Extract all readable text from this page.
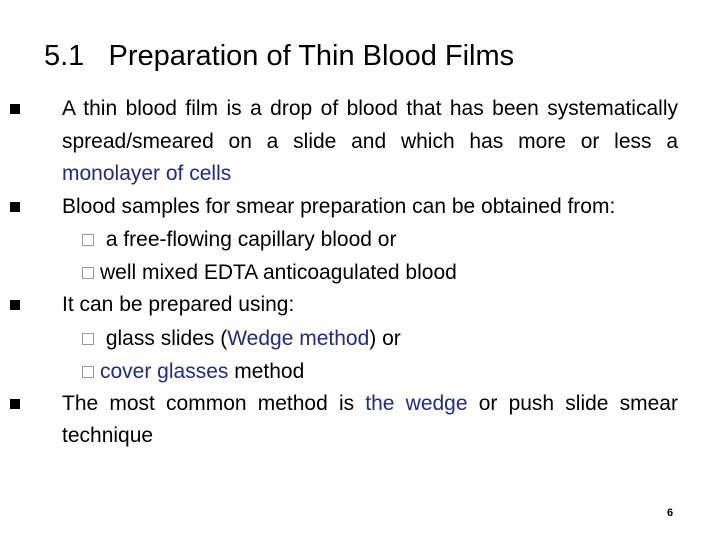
5.1   Preparation of Thin Blood Films
A thin blood film is a drop of blood that has been systematically spread/smeared on a slide and which has more or less a monolayer of cells
Blood samples for smear preparation can be obtained from:
a free-flowing capillary blood or
well mixed EDTA anticoagulated blood
It can be prepared using:
glass slides (Wedge method) or
cover glasses method
The most common method is the wedge or push slide smear technique
6
